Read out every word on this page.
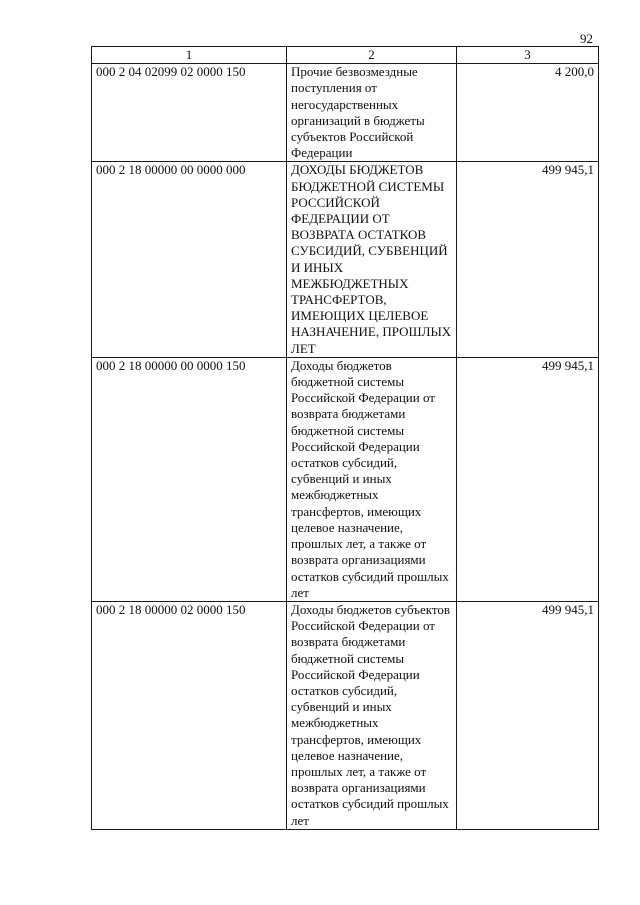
92
1	2	3
000 2 04 02099 02 0000 150	Прочие безвозмездные поступления от негосударственных организаций в бюджеты субъектов Российской Федерации	4 200,0
000 2 18 00000 00 0000 000	ДОХОДЫ БЮДЖЕТОВ БЮДЖЕТНОЙ СИСТЕМЫ РОССИЙСКОЙ ФЕДЕРАЦИИ ОТ ВОЗВРАТА ОСТАТКОВ СУБСИДИЙ, СУБВЕНЦИЙ И ИНЫХ МЕЖБЮДЖЕТНЫХ ТРАНСФЕРТОВ, ИМЕЮЩИХ ЦЕЛЕВОЕ НАЗНАЧЕНИЕ, ПРОШЛЫХ ЛЕТ	499 945,1
000 2 18 00000 00 0000 150	Доходы бюджетов бюджетной системы Российской Федерации от возврата бюджетами бюджетной системы Российской Федерации остатков субсидий, субвенций и иных межбюджетных трансфертов, имеющих целевое назначение, прошлых лет, а также от возврата организациями остатков субсидий прошлых лет	499 945,1
000 2 18 00000 02 0000 150	Доходы бюджетов субъектов Российской Федерации от возврата бюджетами бюджетной системы Российской Федерации остатков субсидий, субвенций и иных межбюджетных трансфертов, имеющих целевое назначение, прошлых лет, а также от возврата организациями остатков субсидий прошлых лет	499 945,1
